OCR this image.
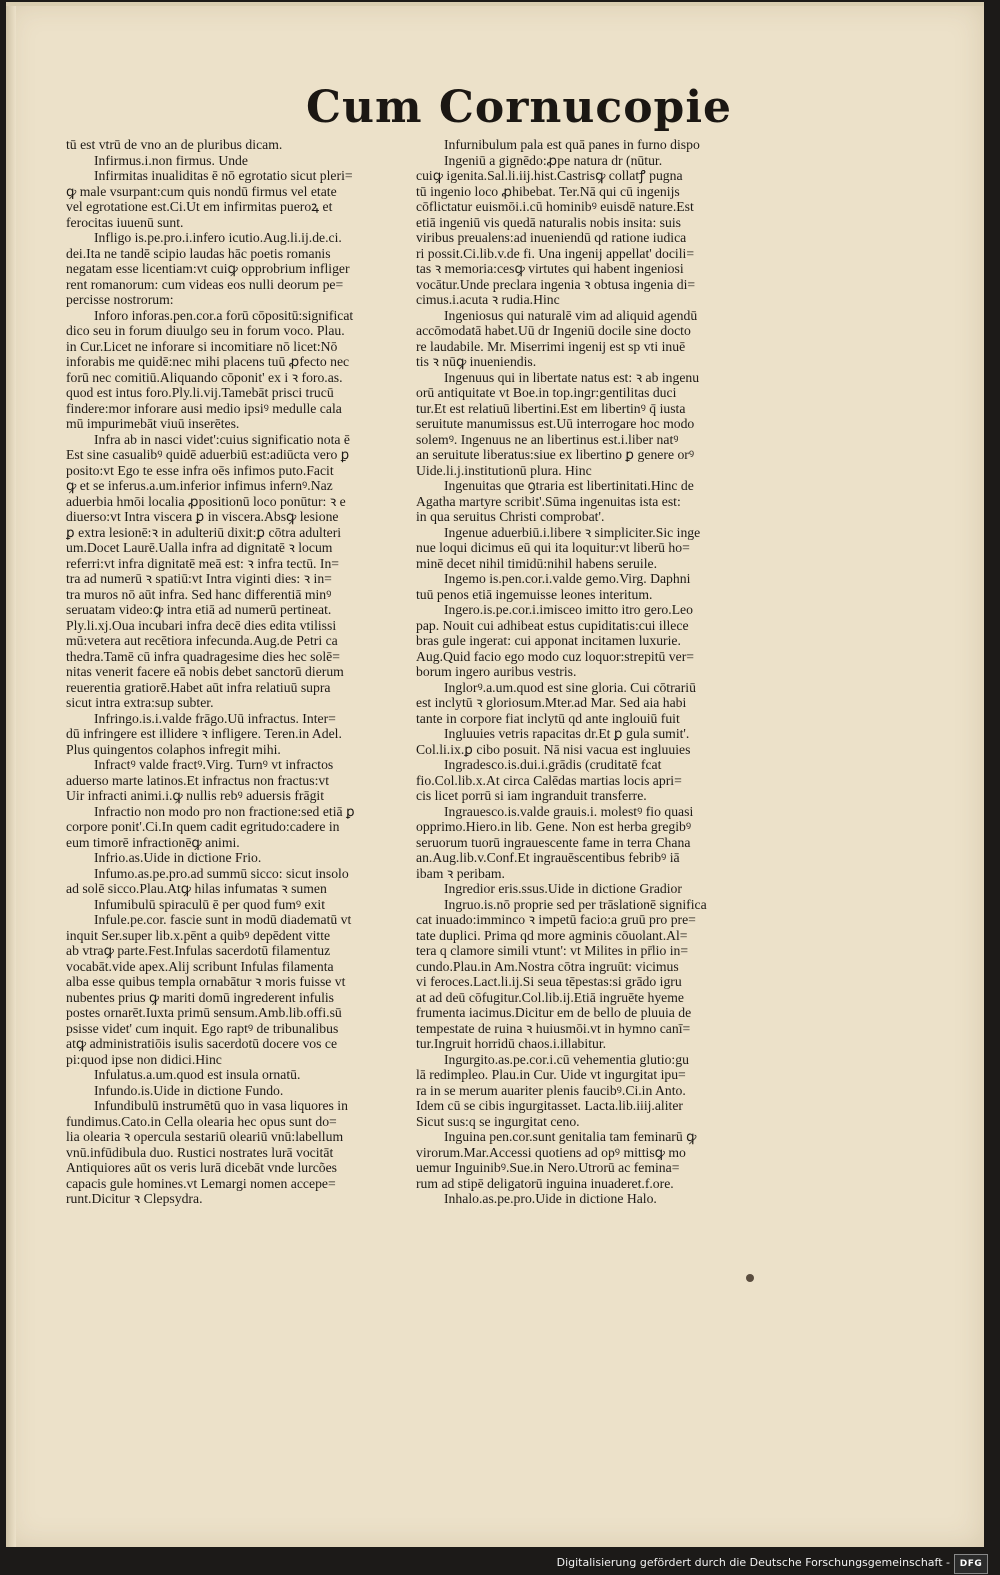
Cum Cornucopie
tū est vtrū de vno an de pluribus dicam.
Infirmus.i.non firmus. Unde
Infirmitas inualiditas ē nō egrotatio sicut pleri=
ꝙ male vsurpant:cum quis nondū firmus vel etate
vel egrotatione est.Ci.Ut em infirmitas pueroꝝ et
ferocitas iuuenū sunt.
Infligo is.pe.pro.i.infero icutio.Aug.li.ij.de.ci.
dei.Ita ne tandē scipio laudas hāc poetis romanis
negatam esse licentiam:vt cuiꝙ opprobrium infliger
rent romanorum: cum videas eos nulli deorum pe=
percisse nostrorum:
Inforo inforas.pen.cor.a forū cōpositū:significat
dico seu in forum diuulgo seu in forum voco. Plau.
in Cur.Licet ne inforare si incomitiare nō licet:Nō
inforabis me quidē:nec mihi placens tuū ꝓfecto nec
forū nec comitiū.Aliquando cōponit' ex i ꝛ foro.as.
quod est intus foro.Ply.li.vij.Tamebāt prisci trucū
findere:mor inforare ausi medio ipsiꝰ medulle cala
mū impurimebāt viuū inserētes.
Infra ab in nasci videt':cuius significatio nota ē
Est sine casualibꝰ quidē aduerbiū est:adiūcta vero ꝑ
posito:vt Ego te esse infra oēs infimos puto.Facit
ꝙ et se inferus.a.um.inferior infimus infernꝰ.Naz
aduerbia hmōi localia ꝓpositionū loco ponūtur: ꝛ e
diuerso:vt Intra viscera ꝑ in viscera.Absꝙ lesione
ꝑ extra lesionē:ꝛ in adulteriū dixit:ꝑ cōtra adulteri
um.Docet Laurē.Ualla infra ad dignitatē ꝛ locum
referri:vt infra dignitatē meā est: ꝛ infra tectū. In=
tra ad numerū ꝛ spatiū:vt Intra viginti dies: ꝛ in=
tra muros nō aūt infra. Sed hanc differentiā minꝰ
seruatam video:ꝙ intra etiā ad numerū pertineat.
Ply.li.xj.Oua incubari infra decē dies edita vtilissi
mū:vetera aut recētiora infecunda.Aug.de Petri ca
thedra.Tamē cū infra quadragesime dies hec solē=
nitas venerit facere eā nobis debet sanctorū dierum
reuerentia gratiorē.Habet aūt infra relatiuū supra
sicut intra extra:sup subter.
Infringo.is.i.valde frāgo.Uū infractus. Inter=
dū infringere est illidere ꝛ infligere. Teren.in Adel.
Plus quingentos colaphos infregit mihi.
Infractꝰ valde fractꝰ.Virg. Turnꝰ vt infractos
aduerso marte latinos.Et infractus non fractus:vt
Uir infracti animi.i.ꝙ nullis rebꝰ aduersis frāgit
Infractio non modo pro non fractione:sed etiā ꝑ
corpore ponit'.Ci.In quem cadit egritudo:cadere in
eum timorē infractionēꝙ animi.
Infrio.as.Uide in dictione Frio.
Infumo.as.pe.pro.ad summū sicco: sicut insolo
ad solē sicco.Plau.Atꝙ hilas infumatas ꝛ sumen
Infumibulū spiraculū ē per quod fumꝰ exit
Infule.pe.cor. fascie sunt in modū diadematū vt
inquit Ser.super lib.x.pēnt a quibꝰ depēdent vitte
ab vtraꝙ parte.Fest.Infulas sacerdotū filamentuz
vocabāt.vide apex.Alij scribunt Infulas filamenta
alba esse quibus templa ornabātur ꝛ moris fuisse vt
nubentes prius ꝙ mariti domū ingrederent infulis
postes ornarēt.Iuxta primū sensum.Amb.lib.offi.sū
psisse videt' cum inquit. Ego raptꝰ de tribunalibus
atꝙ administratiōis isulis sacerdotū docere vos ce
pi:quod ipse non didici.Hinc
Infulatus.a.um.quod est insula ornatū.
Infundo.is.Uide in dictione Fundo.
Infundibulū instrumētū quo in vasa liquores in
fundimus.Cato.in Cella olearia hec opus sunt do=
lia olearia ꝛ opercula sestariū oleariū vnū:labellum
vnū.infūdibula duo. Rustici nostrates lurā vocitāt
Antiquiores aūt os veris lurā dicebāt vnde lurcões
capacis gule homines.vt Lemargi nomen accepe=
runt.Dicitur ꝛ Clepsydra.
Infurnibulum pala est quā panes in furno dispo
Ingeniū a gignēdo:ꝓpe natura dr (nūtur.
cuiꝙ igenita.Sal.li.iij.hist.Castrisꝙ collatꝭ pugna
tū ingenio loco ꝓhibebat. Ter.Nā qui cū ingenijs
cōflictatur euismōi.i.cū hominibꝰ euisdē nature.Est
etiā ingeniū vis quedā naturalis nobis insita: suis
viribus preualens:ad inueniendū qd ratione iudica
ri possit.Ci.lib.v.de fi. Una ingenij appellat' docili=
tas ꝛ memoria:cesꝙ virtutes qui habent ingeniosi
vocātur.Unde preclara ingenia ꝛ obtusa ingenia di=
cimus.i.acuta ꝛ rudia.Hinc
Ingeniosus qui naturalē vim ad aliquid agendū
accōmodatā habet.Uū dr Ingeniū docile sine docto
re laudabile. Mr. Miserrimi ingenij est sp vti inuē
tis ꝛ nūꝙ inueniendis.
Ingenuus qui in libertate natus est: ꝛ ab ingenu
orū antiquitate vt Boe.in top.ingr:gentilitas duci
tur.Et est relatiuū libertini.Est em libertinꝰ q̄ iusta
seruitute manumissus est.Uū interrogare hoc modo
solemꝰ. Ingenuus ne an libertinus est.i.liber natꝰ
an seruitute liberatus:siue ex libertino ꝑ genere orꝰ
Uide.li.j.institutionū plura. Hinc
Ingenuitas que ꝯtraria est libertinitati.Hinc de
Agatha martyre scribit'.Sūma ingenuitas ista est:
in qua seruitus Christi comprobat'.
Ingenue aduerbiū.i.libere ꝛ simpliciter.Sic inge
nue loqui dicimus eū qui ita loquitur:vt liberū ho=
minē decet nihil timidū:nihil habens seruile.
Ingemo is.pen.cor.i.valde gemo.Virg. Daphni
tuū penos etiā ingemuisse leones interitum.
Ingero.is.pe.cor.i.imisceo imitto itro gero.Leo
pap. Nouit cui adhibeat estus cupiditatis:cui illece
bras gule ingerat: cui apponat incitamen luxurie.
Aug.Quid facio ego modo cuz loquor:strepitū ver=
borum ingero auribus vestris.
Inglorꝰ.a.um.quod est sine gloria. Cui cōtrariū
est inclytū ꝛ gloriosum.Mter.ad Mar. Sed aia habi
tante in corpore fiat inclytū qd ante inglouiū fuit
Ingluuies vetris rapacitas dr.Et ꝑ gula sumit'.
Col.li.ix.ꝑ cibo posuit. Nā nisi vacua est ingluuies
Ingradesco.is.dui.i.grādis (cruditatē fcat
fio.Col.lib.x.At circa Calēdas martias locis apri=
cis licet porrū si iam ingranduit transferre.
Ingrauesco.is.valde grauis.i. molestꝰ fio quasi
opprimo.Hiero.in lib. Gene. Non est herba gregibꝰ
seruorum tuorū ingrauescente fame in terra Chana
an.Aug.lib.v.Conf.Et ingrauēscentibus febribꝰ iā
ibam ꝛ peribam.
Ingredior eris.ssus.Uide in dictione Gradior
Ingruo.is.nō proprie sed per trāslationē significa
cat inuado:imminco ꝛ impetū facio:a gruū pro pre=
tate duplici. Prima qd more agminis cōuolant.Al=
tera q clamore simili vtunt': vt Milites in pr̄lio in=
cundo.Plau.in Am.Nostra cōtra ingruūt: vicimus
vi feroces.Lact.li.ij.Si seua tēpestas:si grādo igru
at ad deū cōfugitur.Col.lib.ij.Etiā ingruēte hyeme
frumenta iacimus.Dicitur em de bello de pluuia de
tempestate de ruina ꝛ huiusmōi.vt in hymno canī=
tur.Ingruit horridū chaos.i.illabitur.
Ingurgito.as.pe.cor.i.cū vehementia glutio:gu
lā redimpleo. Plau.in Cur. Uide vt ingurgitat ipu=
ra in se merum auariter plenis faucibꝰ.Ci.in Anto.
Idem cū se cibis ingurgitasset. Lacta.lib.iiij.aliter
Sicut sus:q se ingurgitat ceno.
Inguina pen.cor.sunt genitalia tam feminarū ꝙ
virorum.Mar.Accessi quotiens ad opꝰ mittisꝙ mo
uemur Inguinibꝰ.Sue.in Nero.Utrorū ac femina=
rum ad stipē deligatorū inguina inuaderet.f.ore.
Inhalo.as.pe.pro.Uide in dictione Halo.
Digitalisierung gefördert durch die Deutsche Forschungsgemeinschaft -	DFG
